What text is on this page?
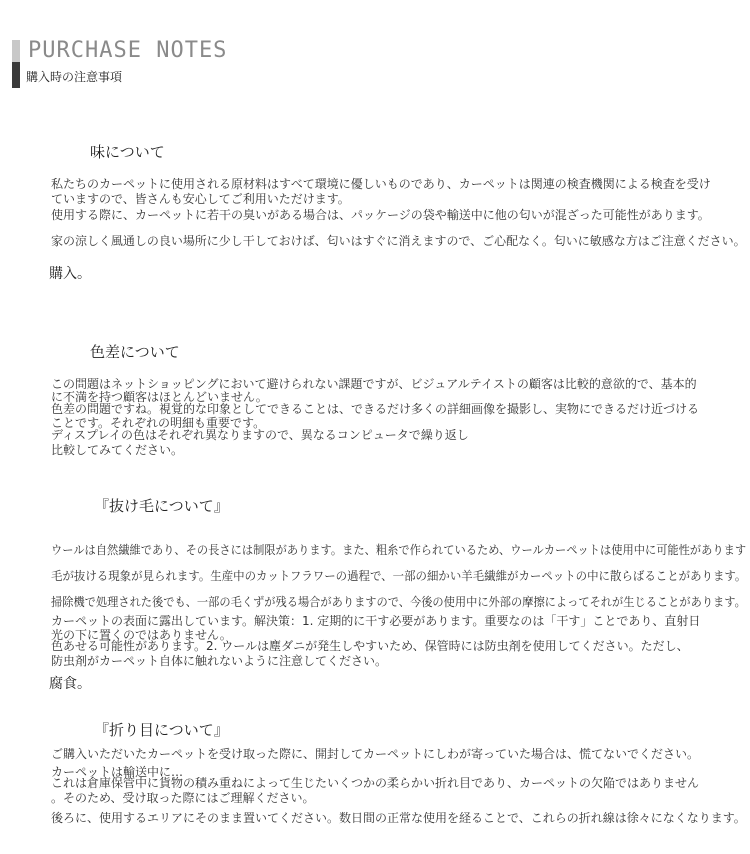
PURCHASE NOTES
購入時の注意事項
味について
私たちのカーペットに使用される原材料はすべて環境に優しいものであり、カーペットは関連の検査機関による検査を受け
ていますので、皆さんも安心してご利用いただけます。
使用する際に、カーペットに若干の臭いがある場合は、パッケージの袋や輸送中に他の匂いが混ざった可能性があります。
家の涼しく風通しの良い場所に少し干しておけば、匂いはすぐに消えますので、ご心配なく。匂いに敏感な方はご注意ください。
購入。
色差について
この問題はネットショッピングにおいて避けられない課題ですが、ビジュアルテイストの顧客は比較的意欲的で、基本的
に不満を持つ顧客はほとんどいません。
色差の問題ですね。視覚的な印象としてできることは、できるだけ多くの詳細画像を撮影し、実物にできるだけ近づける
ことです。それぞれの明細も重要です。
ディスプレイの色はそれぞれ異なりますので、異なるコンピュータで繰り返し
比較してみてください。
『抜け毛について』
ウールは自然繊維であり、その長さには制限があります。また、粗糸で作られているため、ウールカーペットは使用中に可能性があります
毛が抜ける現象が見られます。生産中のカットフラワーの過程で、一部の細かい羊毛繊維がカーペットの中に散らばることがあります。
掃除機で処理された後でも、一部の毛くずが残る場合がありますので、今後の使用中に外部の摩擦によってそれが生じることがあります。
カーペットの表面に露出しています。解決策：1. 定期的に干す必要があります。重要なのは「干す」ことであり、直射日
光の下に置くのではありません。
色あせる可能性があります。2. ウールは塵ダニが発生しやすいため、保管時には防虫剤を使用してください。ただし、
防虫剤がカーペット自体に触れないように注意してください。
腐食。
『折り目について』
ご購入いただいたカーペットを受け取った際に、開封してカーペットにしわが寄っていた場合は、慌てないでください。
カーペットは輸送中に…
これは倉庫保管中に貨物の積み重ねによって生じたいくつかの柔らかい折れ目であり、カーペットの欠陥ではありません
。そのため、受け取った際にはご理解ください。
後ろに、使用するエリアにそのまま置いてください。数日間の正常な使用を経ることで、これらの折れ線は徐々になくなります。
